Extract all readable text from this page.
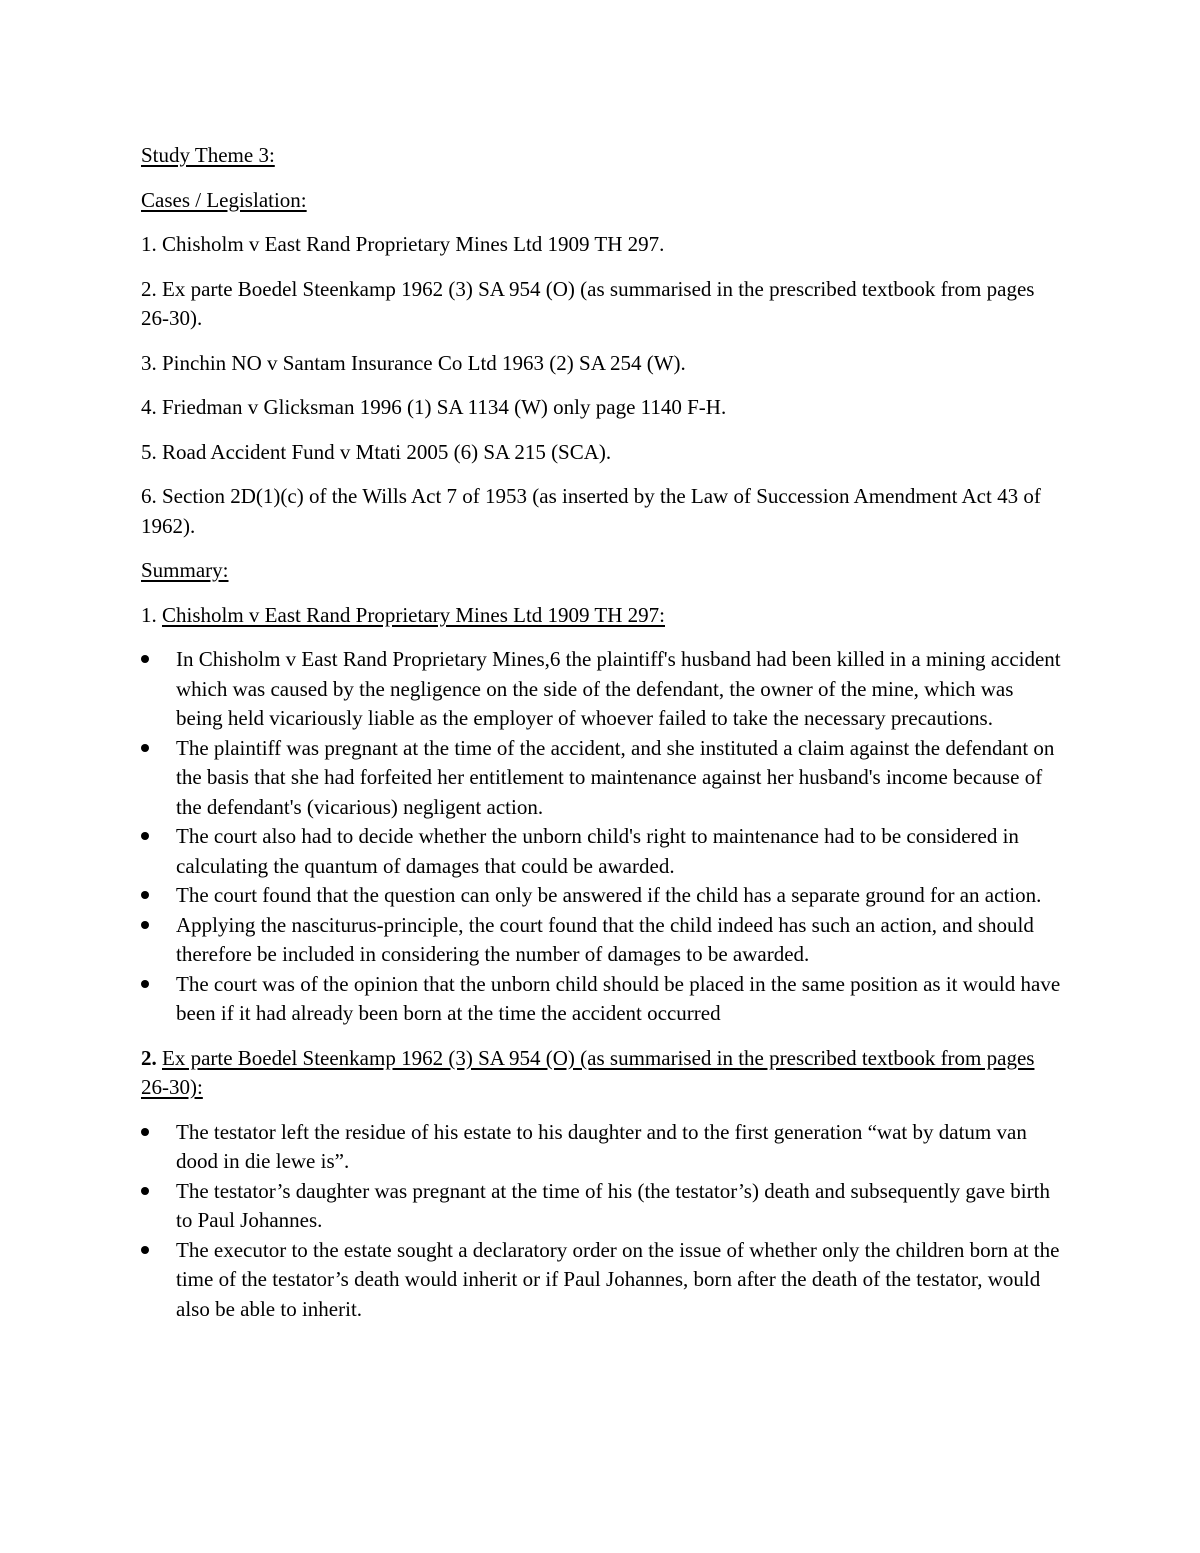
Study Theme 3:

Cases / Legislation:

1. Chisholm v East Rand Proprietary Mines Ltd 1909 TH 297.

2. Ex parte Boedel Steenkamp 1962 (3) SA 954 (O) (as summarised in the prescribed textbook from pages 26-30).

3. Pinchin NO v Santam Insurance Co Ltd 1963 (2) SA 254 (W).

4. Friedman v Glicksman 1996 (1) SA 1134 (W) only page 1140 F-H.

5. Road Accident Fund v Mtati 2005 (6) SA 215 (SCA).

6. Section 2D(1)(c) of the Wills Act 7 of 1953 (as inserted by the Law of Succession Amendment Act 43 of 1962).

Summary:

1. Chisholm v East Rand Proprietary Mines Ltd 1909 TH 297:

In Chisholm v East Rand Proprietary Mines,6 the plaintiff's husband had been killed in a mining accident which was caused by the negligence on the side of the defendant, the owner of the mine, which was being held vicariously liable as the employer of whoever failed to take the necessary precautions.
The plaintiff was pregnant at the time of the accident, and she instituted a claim against the defendant on the basis that she had forfeited her entitlement to maintenance against her husband's income because of the defendant's (vicarious) negligent action.
The court also had to decide whether the unborn child's right to maintenance had to be considered in calculating the quantum of damages that could be awarded.
The court found that the question can only be answered if the child has a separate ground for an action.
Applying the nasciturus-principle, the court found that the child indeed has such an action, and should therefore be included in considering the number of damages to be awarded.
The court was of the opinion that the unborn child should be placed in the same position as it would have been if it had already been born at the time the accident occurred

2. Ex parte Boedel Steenkamp 1962 (3) SA 954 (O) (as summarised in the prescribed textbook from pages 26-30):

The testator left the residue of his estate to his daughter and to the first generation “wat by datum van dood in die lewe is”.
The testator’s daughter was pregnant at the time of his (the testator’s) death and subsequently gave birth to Paul Johannes.
The executor to the estate sought a declaratory order on the issue of whether only the children born at the time of the testator’s death would inherit or if Paul Johannes, born after the death of the testator, would also be able to inherit.
